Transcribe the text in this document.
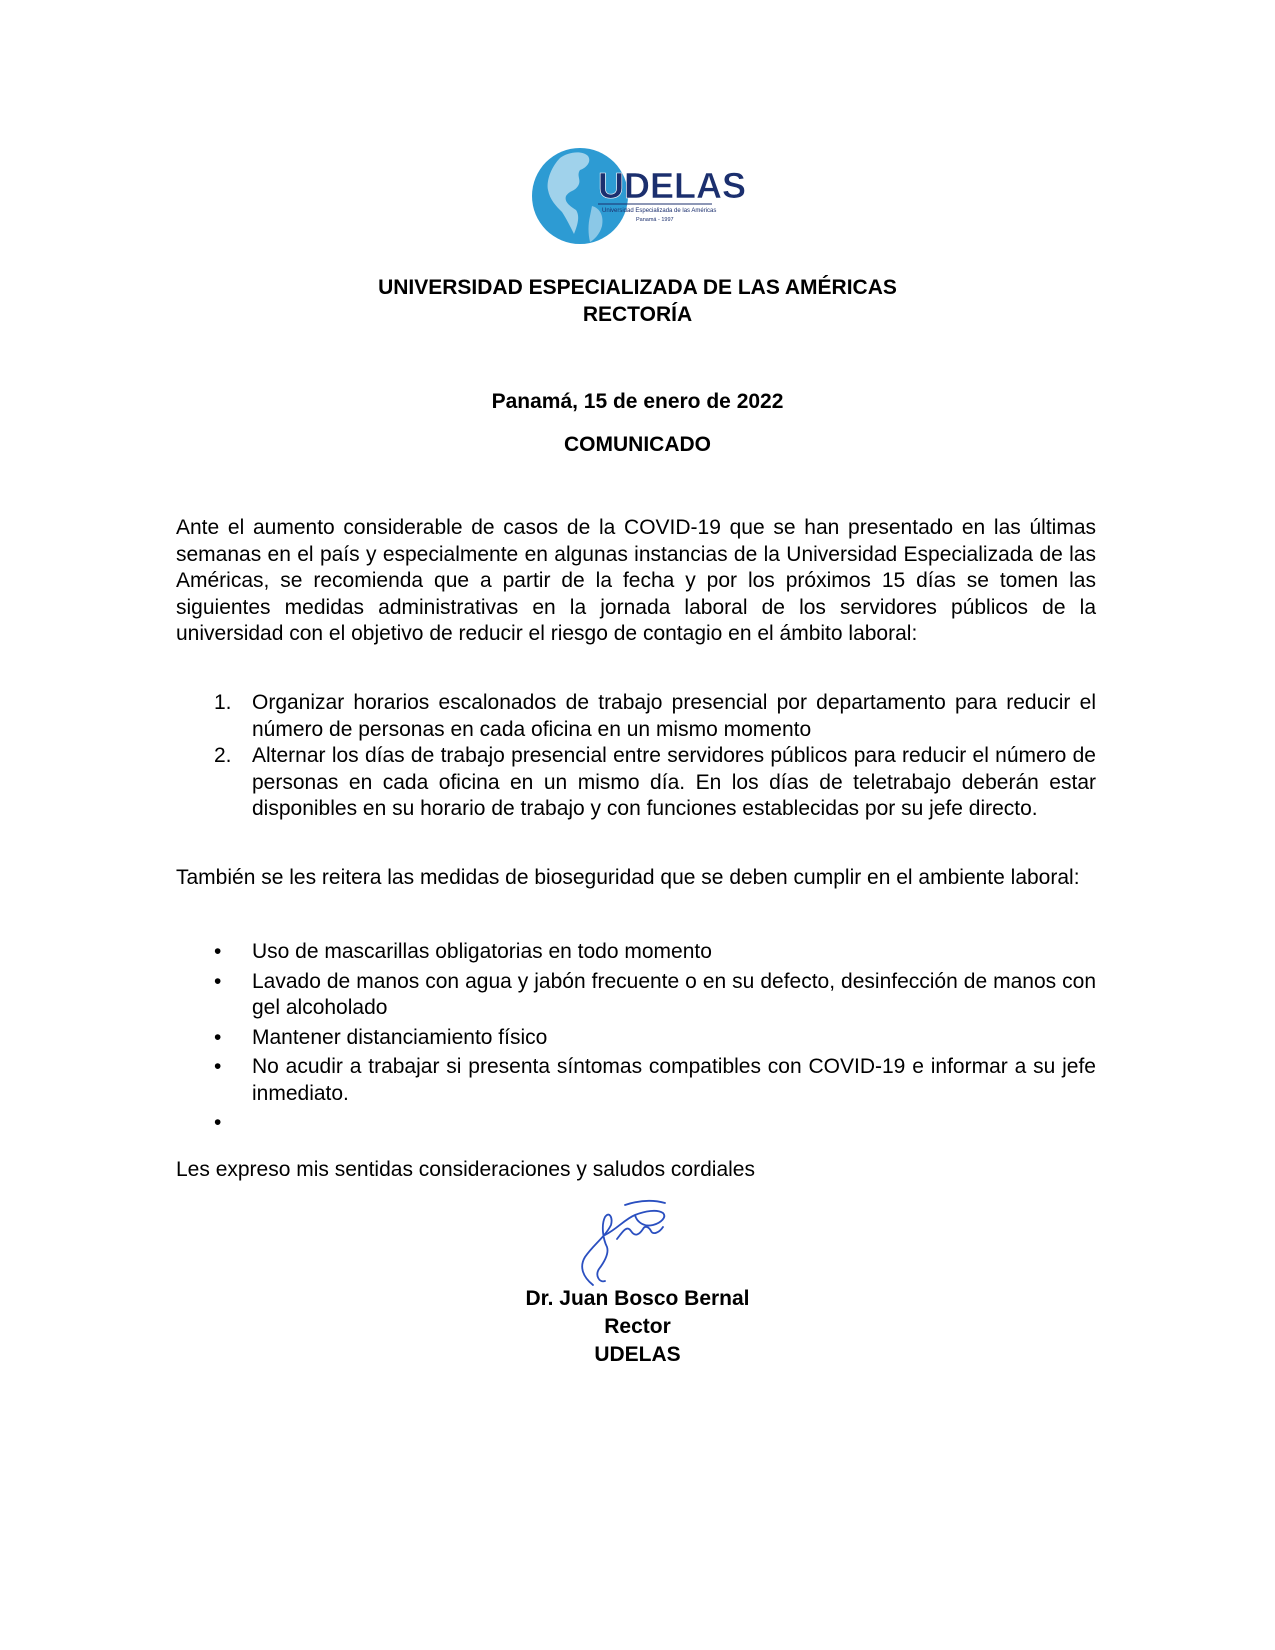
UDELAS
Universidad Especializada de las Américas
Panamá - 1997
UNIVERSIDAD ESPECIALIZADA DE LAS AMÉRICAS
RECTORÍA
Panamá, 15 de enero de 2022
COMUNICADO

Ante el aumento considerable de casos de la COVID-19 que se han presentado en las últimas semanas en el país y especialmente en algunas instancias de la Universidad Especializada de las Américas, se recomienda que a partir de la fecha y por los próximos 15 días se tomen las siguientes medidas administrativas en la jornada laboral de los servidores públicos de la universidad con el objetivo de reducir el riesgo de contagio en el ámbito laboral:

1. Organizar horarios escalonados de trabajo presencial por departamento para reducir el número de personas en cada oficina en un mismo momento
2. Alternar los días de trabajo presencial entre servidores públicos para reducir el número de personas en cada oficina en un mismo día. En los días de teletrabajo deberán estar disponibles en su horario de trabajo y con funciones establecidas por su jefe directo.

También se les reitera las medidas de bioseguridad que se deben cumplir en el ambiente laboral:

• Uso de mascarillas obligatorias en todo momento
• Lavado de manos con agua y jabón frecuente o en su defecto, desinfección de manos con gel alcoholado
• Mantener distanciamiento físico
• No acudir a trabajar si presenta síntomas compatibles con COVID-19 e informar a su jefe inmediato.
•

Les expreso mis sentidas consideraciones y saludos cordiales

Dr. Juan Bosco Bernal
Rector
UDELAS
